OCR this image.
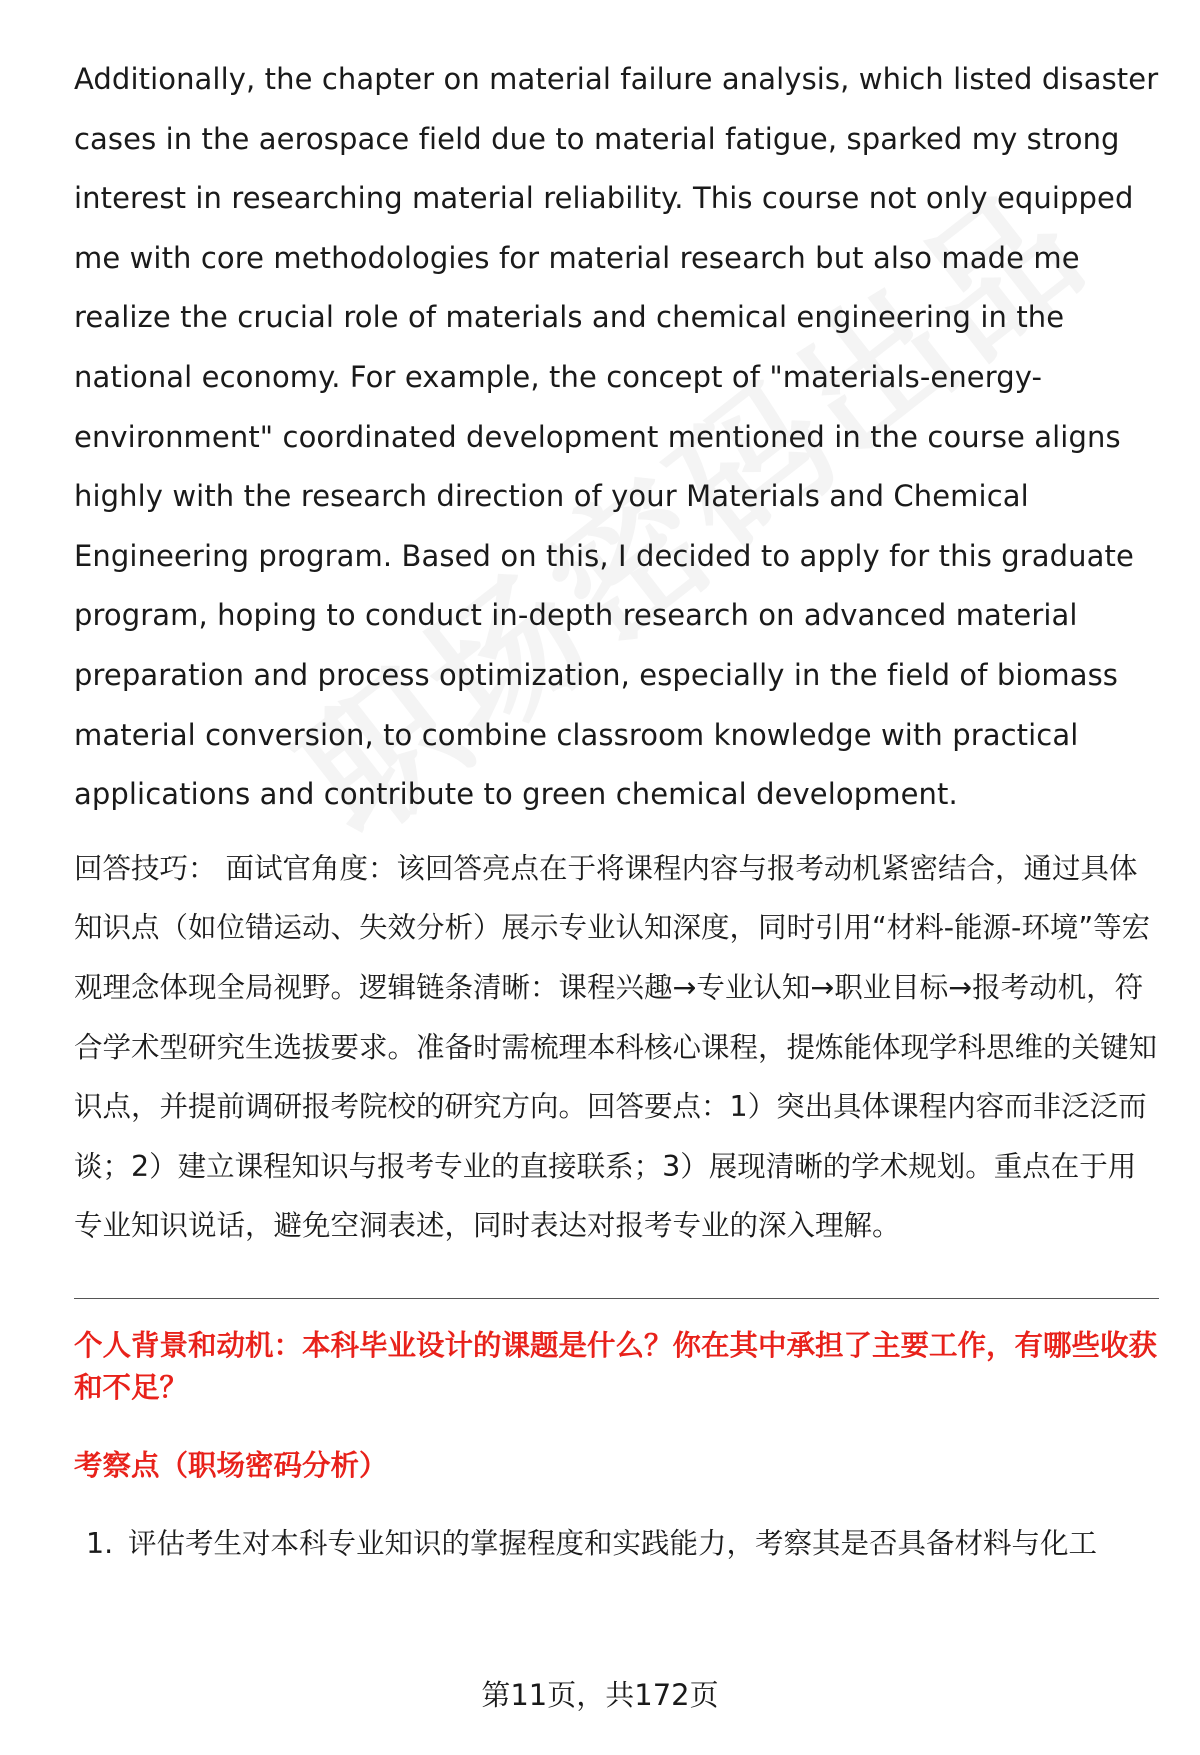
Additionally, the chapter on material failure analysis, which listed disaster cases in the aerospace field due to material fatigue, sparked my strong interest in researching material reliability. This course not only equipped me with core methodologies for material research but also made me realize the crucial role of materials and chemical engineering in the national economy. For example, the concept of "materials-energy-environment" coordinated development mentioned in the course aligns highly with the research direction of your Materials and Chemical Engineering program. Based on this, I decided to apply for this graduate program, hoping to conduct in-depth research on advanced material preparation and process optimization, especially in the field of biomass material conversion, to combine classroom knowledge with practical applications and contribute to green chemical development.

回答技巧： 面试官角度：该回答亮点在于将课程内容与报考动机紧密结合，通过具体知识点（如位错运动、失效分析）展示专业认知深度，同时引用“材料-能源-环境”等宏观理念体现全局视野。逻辑链条清晰：课程兴趣→专业认知→职业目标→报考动机，符合学术型研究生选拔要求。准备时需梳理本科核心课程，提炼能体现学科思维的关键知识点，并提前调研报考院校的研究方向。回答要点：1）突出具体课程内容而非泛泛而谈；2）建立课程知识与报考专业的直接联系；3）展现清晰的学术规划。重点在于用专业知识说话，避免空洞表述，同时表达对报考专业的深入理解。

个人背景和动机：本科毕业设计的课题是什么？你在其中承担了主要工作，有哪些收获和不足？
考察点（职场密码分析）
1. 评估考生对本科专业知识的掌握程度和实践能力，考察其是否具备材料与化工
第11页，共172页
